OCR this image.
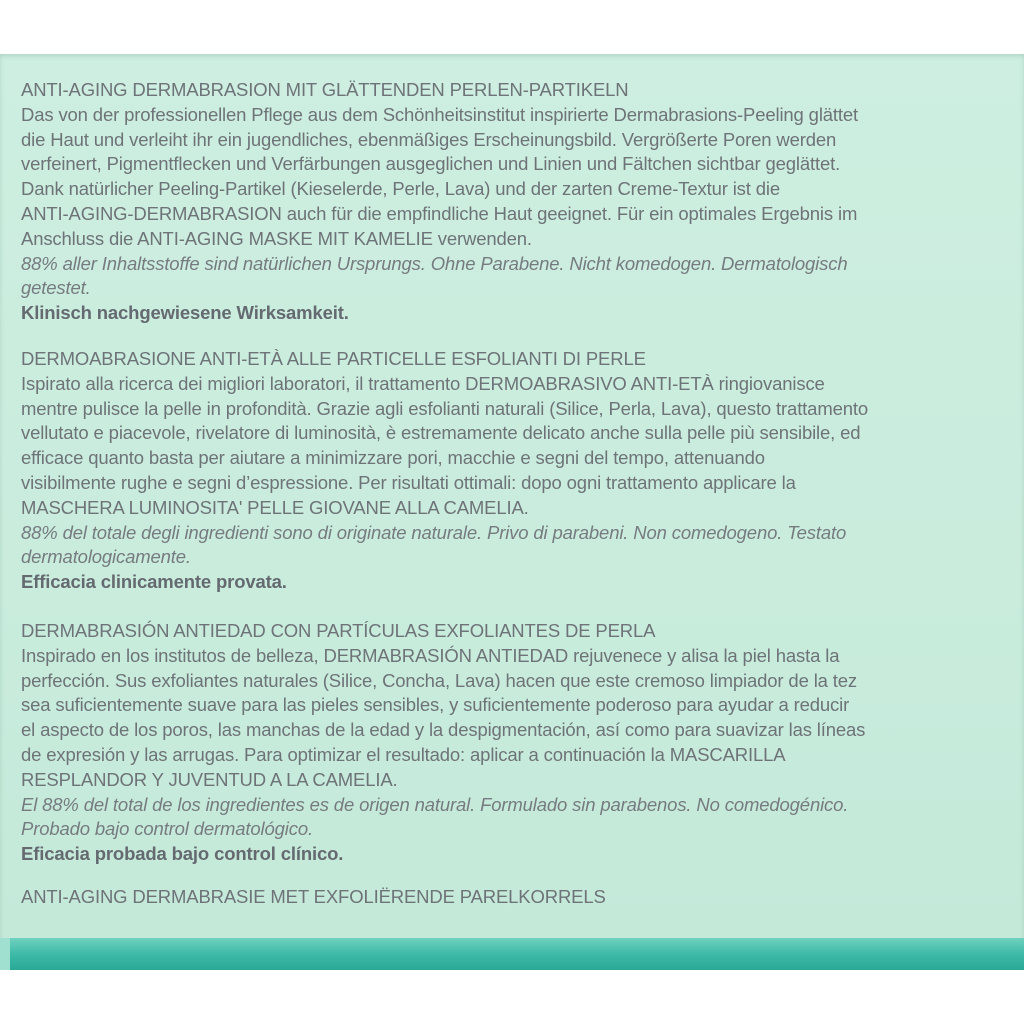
ANTI-AGING DERMABRASION MIT GLÄTTENDEN PERLEN-PARTIKELN

Das von der professionellen Pflege aus dem Schönheitsinstitut inspirierte Dermabrasions-Peeling glättet

die Haut und verleiht ihr ein jugendliches, ebenmäßiges Erscheinungsbild. Vergrößerte Poren werden

verfeinert, Pigmentflecken und Verfärbungen ausgeglichen und Linien und Fältchen sichtbar geglättet.

Dank natürlicher Peeling-Partikel (Kieselerde, Perle, Lava) und der zarten Creme-Textur ist die

ANTI-AGING-DERMABRASION auch für die empfindliche Haut geeignet. Für ein optimales Ergebnis im

Anschluss die ANTI-AGING MASKE MIT KAMELIE verwenden.

88% aller Inhaltsstoffe sind natürlichen Ursprungs. Ohne Parabene. Nicht komedogen. Dermatologisch

getestet.

Klinisch nachgewiesene Wirksamkeit.

DERMOABRASIONE ANTI-ETÀ ALLE PARTICELLE ESFOLIANTI DI PERLE

Ispirato alla ricerca dei migliori laboratori, il trattamento DERMOABRASIVO ANTI-ETÀ ringiovanisce

mentre pulisce la pelle in profondità. Grazie agli esfolianti naturali (Silice, Perla, Lava), questo trattamento

vellutato e piacevole, rivelatore di luminosità, è estremamente delicato anche sulla pelle più sensibile, ed

efficace quanto basta per aiutare a minimizzare pori, macchie e segni del tempo, attenuando

visibilmente rughe e segni d’espressione. Per risultati ottimali: dopo ogni trattamento applicare la

MASCHERA LUMINOSITA' PELLE GIOVANE ALLA CAMELIA.

88% del totale degli ingredienti sono di originate naturale. Privo di parabeni. Non comedogeno. Testato

dermatologicamente.

Efficacia clinicamente provata.

DERMABRASIÓN ANTIEDAD CON PARTÍCULAS EXFOLIANTES DE PERLA

Inspirado en los institutos de belleza, DERMABRASIÓN ANTIEDAD rejuvenece y alisa la piel hasta la

perfección. Sus exfoliantes naturales (Silice, Concha, Lava) hacen que este cremoso limpiador de la tez

sea suficientemente suave para las pieles sensibles, y suficientemente poderoso para ayudar a reducir

el aspecto de los poros, las manchas de la edad y la despigmentación, así como para suavizar las líneas

de expresión y las arrugas. Para optimizar el resultado: aplicar a continuación la MASCARILLA

RESPLANDOR Y JUVENTUD A LA CAMELIA.

El 88% del total de los ingredientes es de origen natural. Formulado sin parabenos. No comedogénico.

Probado bajo control dermatológico.

Eficacia probada bajo control clínico.

ANTI-AGING DERMABRASIE MET EXFOLIËRENDE PARELKORRELS
